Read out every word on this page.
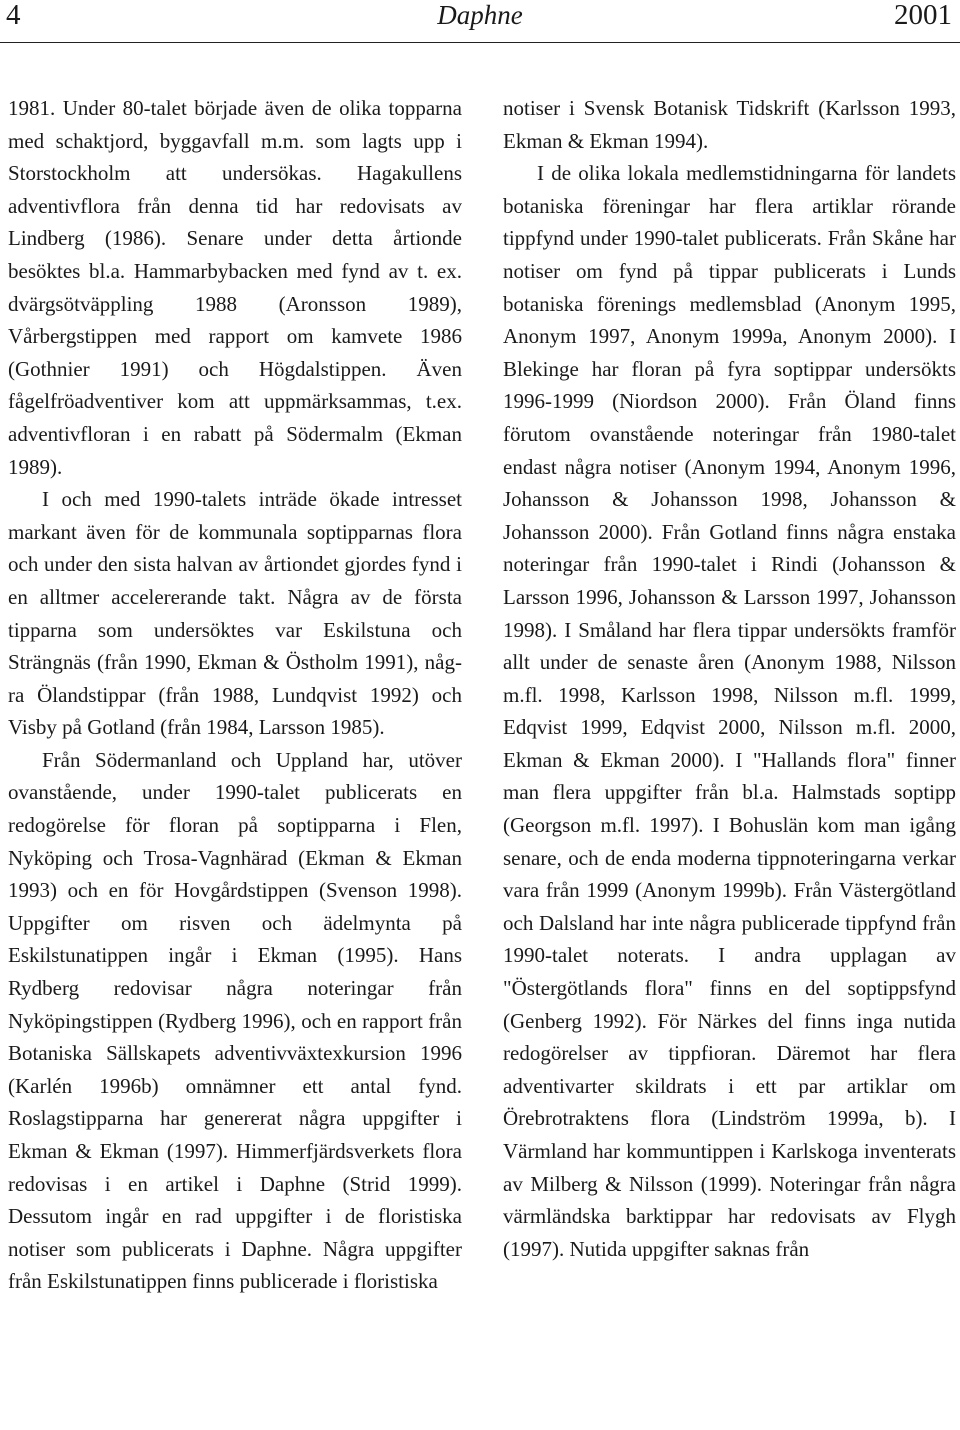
4	Daphne	2001

1981. Under 80-talet började även de olika topparna med schaktjord, byggavfall m.m. som lagts upp i Storstockholm att undersökas. Hagakullens adventivflora från denna tid har redovisats av Lindberg (1986). Senare under detta årtionde besöktes bl.a. Hammarbybacken med fynd av t. ex. dvärgsötväppling 1988 (Aronsson 1989), Vårbergstippen med rapport om kamvete 1986 (Gothnier 1991) och Högdalstippen. Även fågelfröadventiver kom att uppmärksammas, t.ex. adventivfloran i en rabatt på Södermalm (Ekman 1989).

I och med 1990-talets inträde ökade intresset markant även för de kommunala soptipparnas flora och under den sista halvan av årtiondet gjordes fynd i en alltmer accelererande takt. Några av de första tipparna som undersöktes var Eskilstuna och Strängnäs (från 1990, Ekman & Östholm 1991), några Ölandstippar (från 1988, Lundqvist 1992) och Visby på Gotland (från 1984, Larsson 1985).

Från Södermanland och Uppland har, utöver ovanstående, under 1990-talet publicerats en redogörelse för floran på soptipparna i Flen, Nyköping och Trosa-Vagnhärad (Ekman & Ekman 1993) och en för Hovgårdstippen (Svenson 1998). Uppgifter om risven och ädelmynta på Eskilstunatippen ingår i Ekman (1995). Hans Rydberg redovisar några noteringar från Nyköpingstippen (Rydberg 1996), och en rapport från Botaniska Sällskapets adventivväxtexkursion 1996 (Karlén 1996b) omnämner ett antal fynd. Roslagstipparna har genererat några uppgifter i Ekman & Ekman (1997). Himmerfjärdsverkets flora redovisas i en artikel i Daphne (Strid 1999). Dessutom ingår en rad uppgifter i de floristiska notiser som publicerats i Daphne. Några uppgifter från Eskilstunatippen finns publicerade i floristiska

notiser i Svensk Botanisk Tidskrift (Karlsson 1993, Ekman & Ekman 1994).

I de olika lokala medlemstidningarna för landets botaniska föreningar har flera artiklar rörande tippfynd under 1990-talet publicerats. Från Skåne har notiser om fynd på tippar publicerats i Lunds botaniska förenings medlemsblad (Anonym 1995, Anonym 1997, Anonym 1999a, Anonym 2000). I Blekinge har floran på fyra soptippar undersökts 1996-1999 (Niordson 2000). Från Öland finns förutom ovanstående noteringar från 1980-talet endast några notiser (Anonym 1994, Anonym 1996, Johansson & Johansson 1998, Johansson & Johansson 2000). Från Gotland finns några enstaka noteringar från 1990-talet i Rindi (Johansson & Larsson 1996, Johansson & Larsson 1997, Johansson 1998). I Småland har flera tippar undersökts framför allt under de senaste åren (Anonym 1988, Nilsson m.fl. 1998, Karlsson 1998, Nilsson m.fl. 1999, Edqvist 1999, Edqvist 2000, Nilsson m.fl. 2000, Ekman & Ekman 2000). I "Hallands flora" finner man flera uppgifter från bl.a. Halmstads soptipp (Georgson m.fl. 1997). I Bohuslän kom man igång senare, och de enda moderna tippnoteringarna verkar vara från 1999 (Anonym 1999b). Från Västergötland och Dalsland har inte några publicerade tippfynd från 1990-talet noterats. I andra upplagan av "Östergötlands flora" finns en del soptippsfynd (Genberg 1992). För Närkes del finns inga nutida redogörelser av tippfioran. Däremot har flera adventivarter skildrats i ett par artiklar om Örebrotraktens flora (Lindström 1999a, b). I Värmland har kommuntippen i Karlskoga inventerats av Milberg & Nilsson (1999). Noteringar från några värmländska barktippar har redovisats av Flygh (1997). Nutida uppgifter saknas från
